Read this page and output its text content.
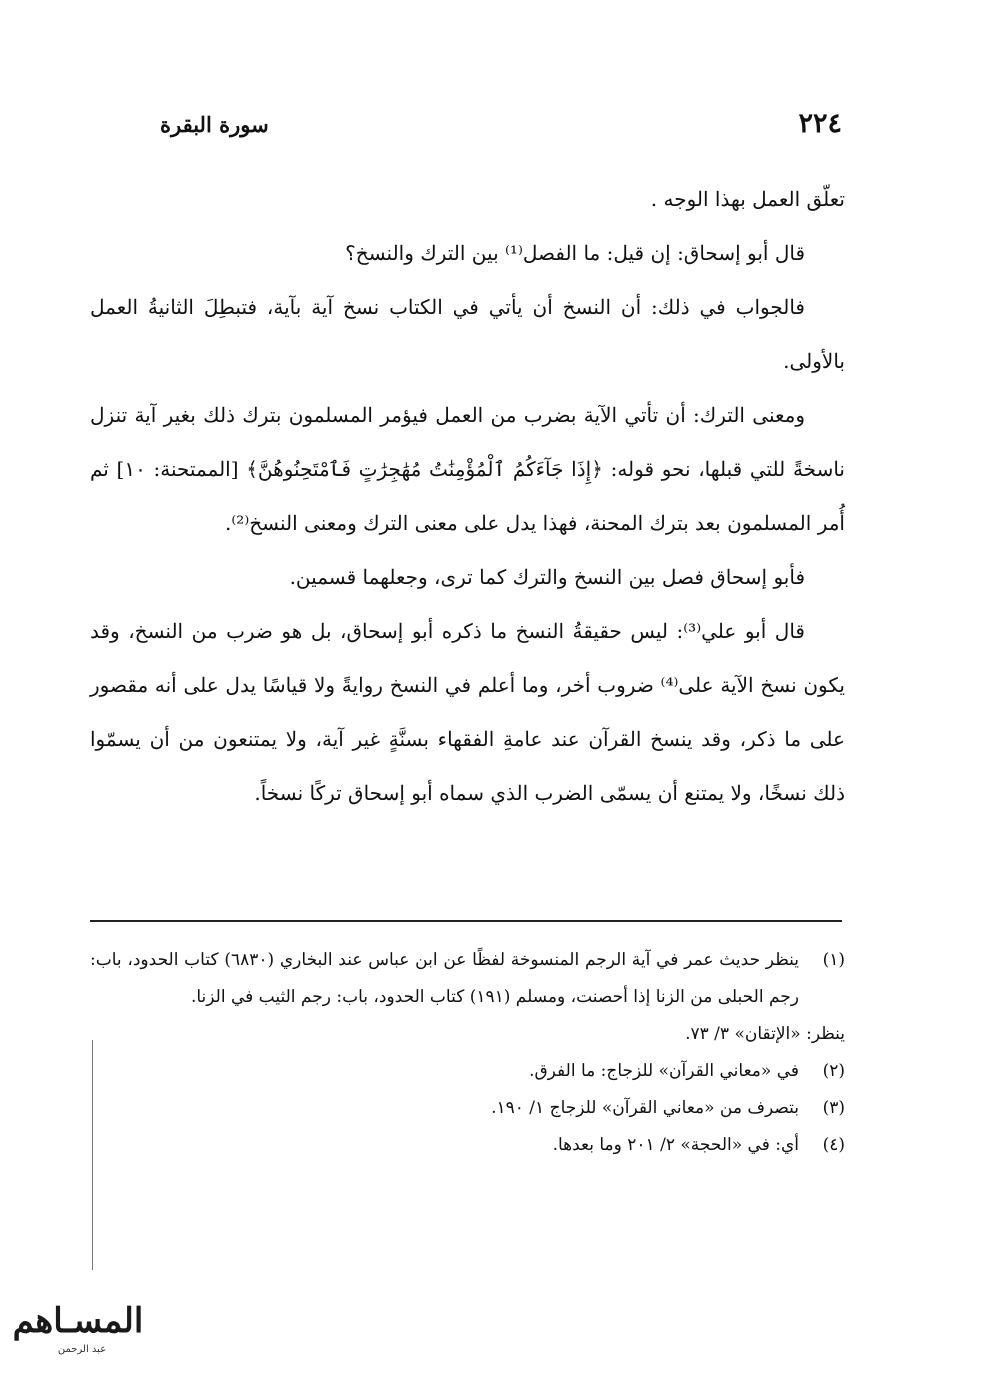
٢٢٤
سورة البقرة

تعلّق العمل بهذا الوجه .

قال أبو إسحاق: إن قيل: ما الفصل⁽¹⁾ بين الترك والنسخ؟

فالجواب في ذلك: أن النسخ أن يأتي في الكتاب نسخ آية بآية، فتبطِلَ الثانيةُ العمل بالأولى.

ومعنى الترك: أن تأتي الآية بضرب من العمل فيؤمر المسلمون بترك ذلك بغير آية تنزل ناسخةً للتي قبلها، نحو قوله: ﴿إِذَا جَآءَكُمُ ٱلْمُؤْمِنَٰتُ مُهَٰجِرَٰتٍ فَٱمْتَحِنُوهُنَّ﴾ [الممتحنة: ١٠] ثم أُمر المسلمون بعد بترك المحنة، فهذا يدل على معنى الترك ومعنى النسخ⁽²⁾.

فأبو إسحاق فصل بين النسخ والترك كما ترى، وجعلهما قسمين.

قال أبو علي⁽³⁾: ليس حقيقةُ النسخ ما ذكره أبو إسحاق، بل هو ضرب من النسخ، وقد يكون نسخ الآية على⁽⁴⁾ ضروب أخر، وما أعلم في النسخ روايةً ولا قياسًا يدل على أنه مقصور على ما ذكر، وقد ينسخ القرآن عند عامةِ الفقهاء بسنَّةٍ غير آية، ولا يمتنعون من أن يسمّوا ذلك نسخًا، ولا يمتنع أن يسمّى الضرب الذي سماه أبو إسحاق تركًا نسخاً.

(١)
ينظر حديث عمر في آية الرجم المنسوخة لفظًا عن ابن عباس عند البخاري (٦٨٣٠) كتاب الحدود، باب: رجم الحبلى من الزنا إذا أحصنت، ومسلم (١٩١) كتاب الحدود، باب: رجم الثيب في الزنا.
ينظر: «الإتقان» ٣/ ٧٣.
(٢)
في «معاني القرآن» للزجاج: ما الفرق.
(٣)
بتصرف من «معاني القرآن» للزجاج ١/ ١٩٠.
(٤)
أي: في «الحجة» ٢/ ٢٠١ وما بعدها.
المسـاهم
عبد الرحمن
